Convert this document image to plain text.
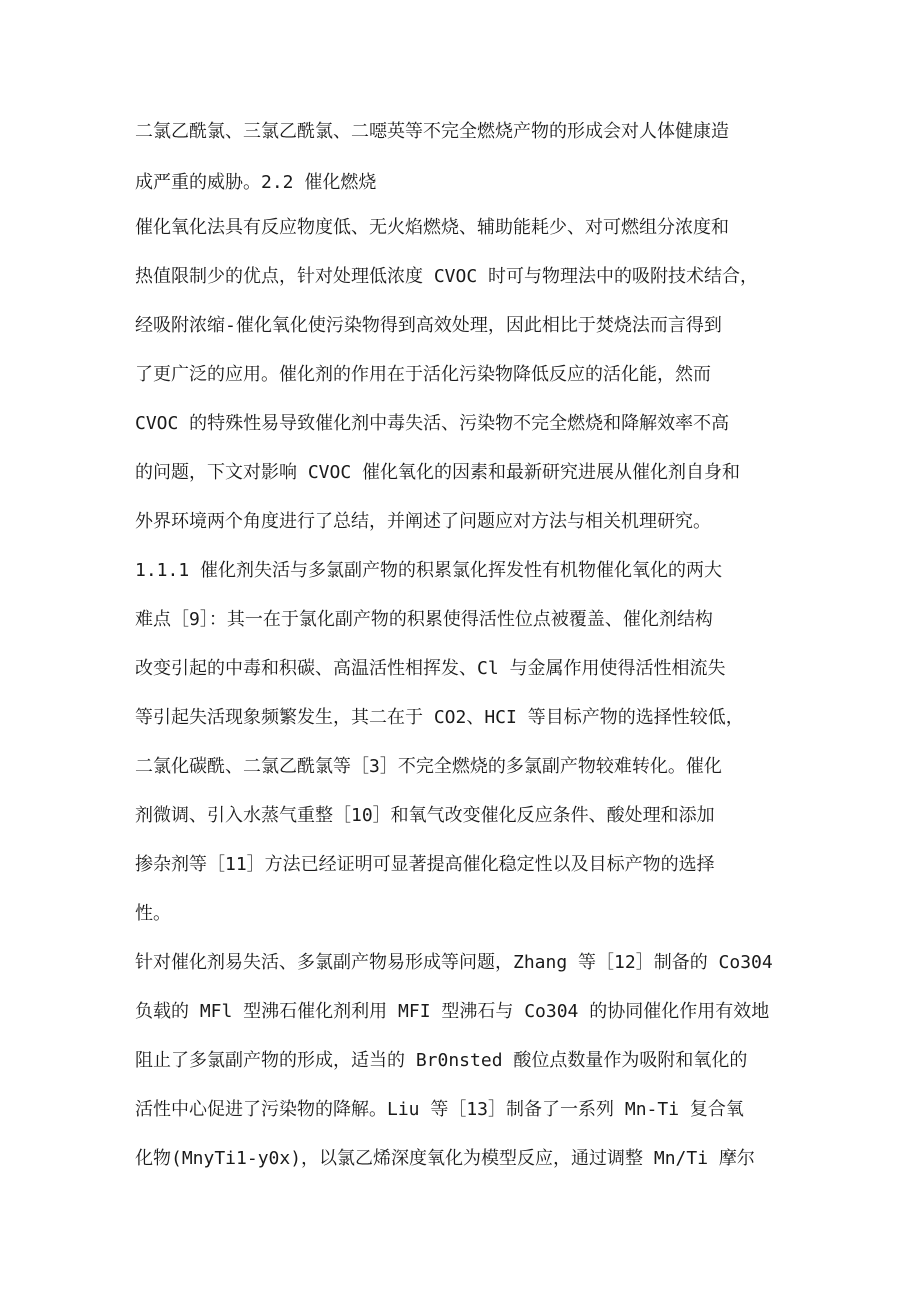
二氯乙酰氯、三氯乙酰氯、二噁英等不完全燃烧产物的形成会对人体健康造
成严重的威胁。2.2 催化燃烧
催化氧化法具有反应物度低、无火焰燃烧、辅助能耗少、对可燃组分浓度和
热值限制少的优点，针对处理低浓度 CVOC 时可与物理法中的吸附技术结合，
经吸附浓缩-催化氧化使污染物得到高效处理，因此相比于焚烧法而言得到
了更广泛的应用。催化剂的作用在于活化污染物降低反应的活化能，然而
CVOC 的特殊性易导致催化剂中毒失活、污染物不完全燃烧和降解效率不高
的问题，下文对影响 CVOC 催化氧化的因素和最新研究进展从催化剂自身和
外界环境两个角度进行了总结，并阐述了问题应对方法与相关机理研究。
1.1.1 催化剂失活与多氯副产物的积累氯化挥发性有机物催化氧化的两大
难点［9］：其一在于氯化副产物的积累使得活性位点被覆盖、催化剂结构
改变引起的中毒和积碳、高温活性相挥发、Cl 与金属作用使得活性相流失
等引起失活现象频繁发生，其二在于 CO2、HCI 等目标产物的选择性较低，
二氯化碳酰、二氯乙酰氯等［3］不完全燃烧的多氯副产物较难转化。催化
剂微调、引入水蒸气重整［10］和氧气改变催化反应条件、酸处理和添加
掺杂剂等［11］方法已经证明可显著提高催化稳定性以及目标产物的选择
性。
针对催化剂易失活、多氯副产物易形成等问题，Zhang 等［12］制备的 Co304
负载的 MFl 型沸石催化剂利用 MFI 型沸石与 Co304 的协同催化作用有效地
阻止了多氯副产物的形成，适当的 Br0nsted 酸位点数量作为吸附和氧化的
活性中心促进了污染物的降解。Liu 等［13］制备了一系列 Mn-Ti 复合氧
化物(MnyTi1-y0x)，以氯乙烯深度氧化为模型反应，通过调整 Mn/Ti 摩尔
